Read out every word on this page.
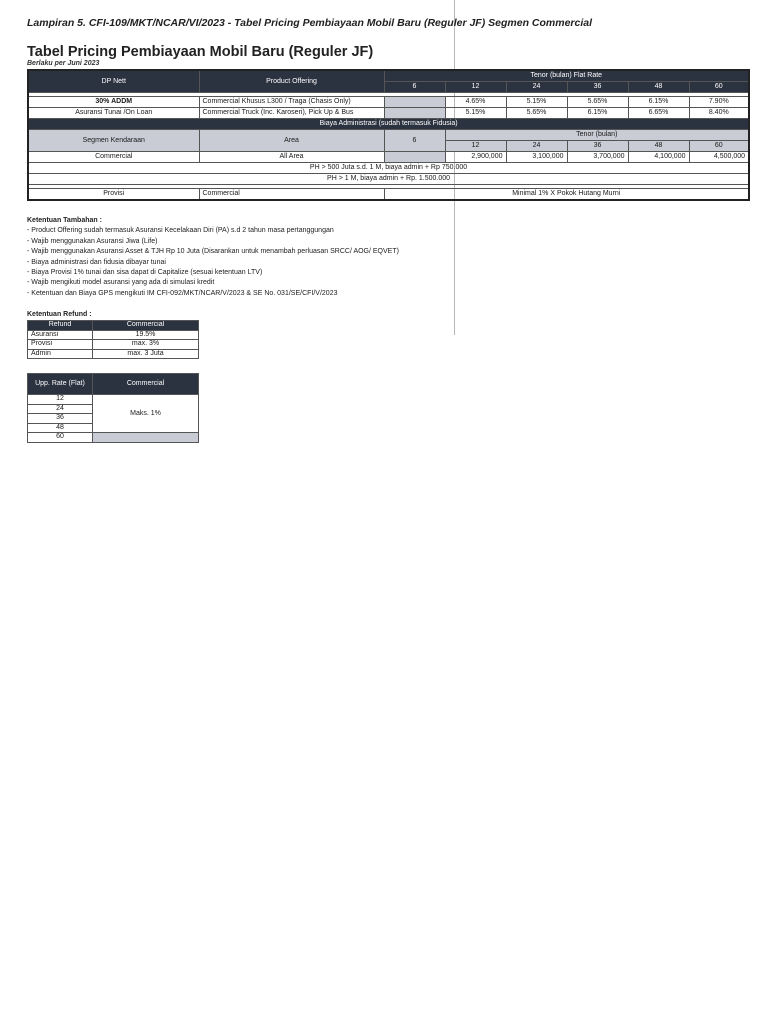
Lampiran 5. CFI-109/MKT/NCAR/VI/2023 - Tabel Pricing Pembiayaan Mobil Baru (Reguler JF) Segmen Commercial
Tabel Pricing Pembiayaan Mobil Baru (Reguler JF)
Berlaku per Juni 2023
DP Nett	Product Offering	Tenor (bulan) Flat Rate					
		6	12	24	36	48	60

30% ADDM	Commercial Khusus L300 / Traga (Chasis Only)		4.65%	5.15%	5.65%	6.15%	7.90%
Asuransi Tunai /On Loan	Commercial Truck (Inc. Karoseri), Pick Up & Bus		5.15%	5.65%	6.15%	6.65%	8.40%
Biaya Administrasi (sudah termasuk Fidusia)							
Segmen Kendaraan	Area	6	Tenor (bulan)				
			12	24	36	48	60
Commercial	All Area		2,900,000	3,100,000	3,700,000	4,100,000	4,500,000
PH > 500 Juta s.d. 1 M, biaya admin + Rp 750.000							
PH > 1 M, biaya admin + Rp. 1.500.000							

Provisi	Commercial	Minimal 1% X Pokok Hutang Murni					
Ketentuan Tambahan :
- Product Offering sudah termasuk Asuransi Kecelakaan Diri (PA) s.d 2 tahun masa pertanggungan
- Wajib menggunakan Asuransi Jiwa (Life)
- Wajib menggunakan Asuransi Asset & TJH Rp 10 Juta (Disarankan untuk menambah perluasan SRCC/ AOG/ EQVET)
- Biaya administrasi dan fidusia dibayar tunai
- Biaya Provisi 1% tunai dan sisa dapat di Capitalize (sesuai ketentuan LTV)
- Wajib mengikuti model asuransi yang ada di simulasi kredit
- Ketentuan dan Biaya GPS mengikuti IM CFI-092/MKT/NCAR/V/2023 & SE No. 031/SE/CFI/V/2023
Ketentuan Refund :
Refund	Commercial
Asuransi	19.5%
Provisi	max. 3%
Admin	max. 3 Juta
Upp. Rate (Flat)	Commercial
12	Maks. 1%
24	
36	
48	
60	
